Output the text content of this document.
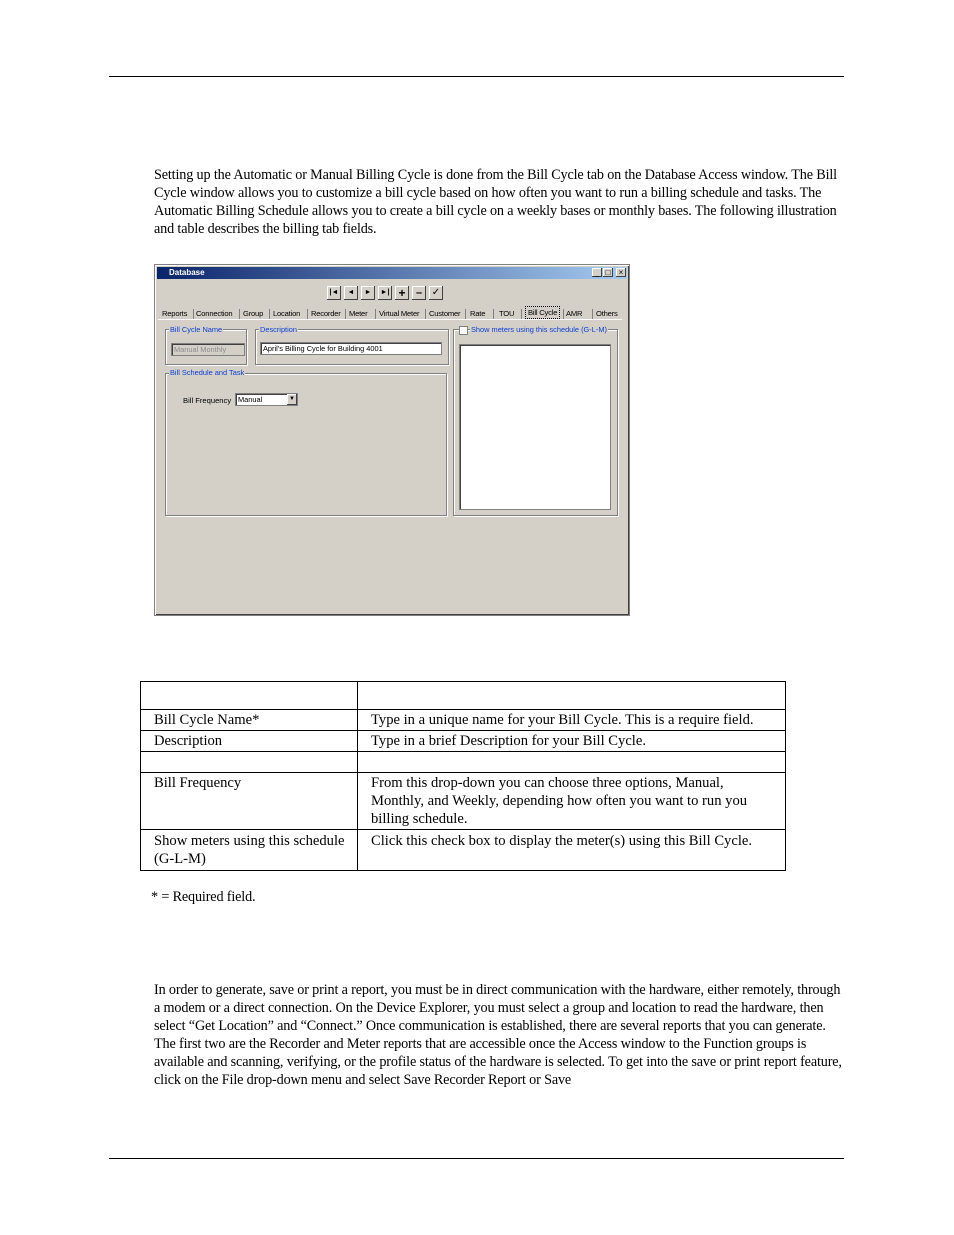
Setting up the Automatic or Manual Billing Cycle is done from the Bill Cycle tab on the Database Access window. The Bill Cycle window allows you to customize a bill cycle based on how often you want to run a billing schedule and tasks. The Automatic Billing Schedule allows you to create a bill cycle on a weekly bases or monthly bases. The following illustration and table describes the billing tab fields.

Database	_ □	×
|◄	◄	►	►| + – ✓
Reports Connection Group Location Recorder Meter Virtual Meter Customer Rate TOU	Bill Cycle	AMR Others
Bill Cycle Name
Manual Monthly
Description
April's Billing Cycle for Building 4001
Bill Schedule and Task
Bill Frequency Manual	▼
Show meters using this schedule (G-L-M)

Bill Cycle Name*	Type in a unique name for your Bill Cycle. This is a require field.
Description	Type in a brief Description for your Bill Cycle.

Bill Frequency	From this drop-down you can choose three options, Manual, Monthly, and Weekly, depending how often you want to run you billing schedule.
Show meters using this schedule (G-L-M)	Click this check box to display the meter(s) using this Bill Cycle.

* = Required field.

In order to generate, save or print a report, you must be in direct communication with the hardware, either remotely, through a modem or a direct connection. On the Device Explorer, you must select a group and location to read the hardware, then select “Get Location” and “Connect.” Once communication is established, there are several reports that you can generate. The first two are the Recorder and Meter reports that are accessible once the Access window to the Function groups is available and scanning, verifying, or the profile status of the hardware is selected. To get into the save or print report feature, click on the File drop-down menu and select Save Recorder Report or Save
